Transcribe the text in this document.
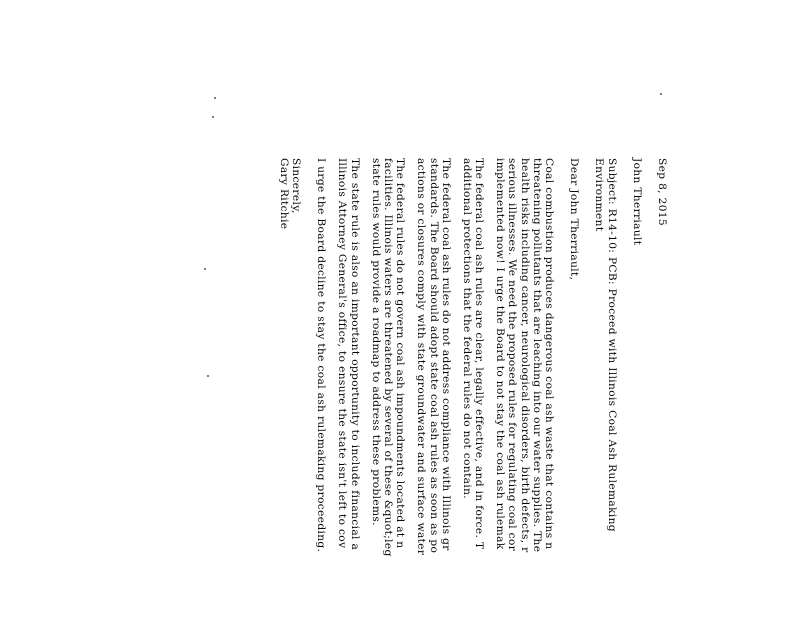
Sep 8, 2015
John Therriault
Subject: R14-10: PCB: Proceed with Illinois Coal Ash Rulemaking
Environment
Dear John Therriault,
Coal combustion produces dangerous coal ash waste that contains n
threatening pollutants that are leaching into our water supplies. The
health risks including cancer, neurological disorders, birth defects, r
serious illnesses. We need the proposed rules for regulating coal cor
implemented now! I urge the Board to not stay the coal ash rulemak
The federal coal ash rules are clear, legally effective, and in force. T
additional protections that the federal rules do not contain.
The federal coal ash rules do not address compliance with Illinois gr
standards. The Board should adopt state coal ash rules as soon as po
actions or closures comply with state groundwater and surface water
The federal rules do not govern coal ash impoundments located at n
facilities. Illinois waters are threatened by several of these &quot;leg
state rules would provide a roadmap to address these problems.
The state rule is also an important opportunity to include financial a
Illinois Attorney General's office, to ensure the state isn't left to cov
I urge the Board decline to stay the coal ash rulemaking proceeding.
Sincerely,
Gary Ritchie
